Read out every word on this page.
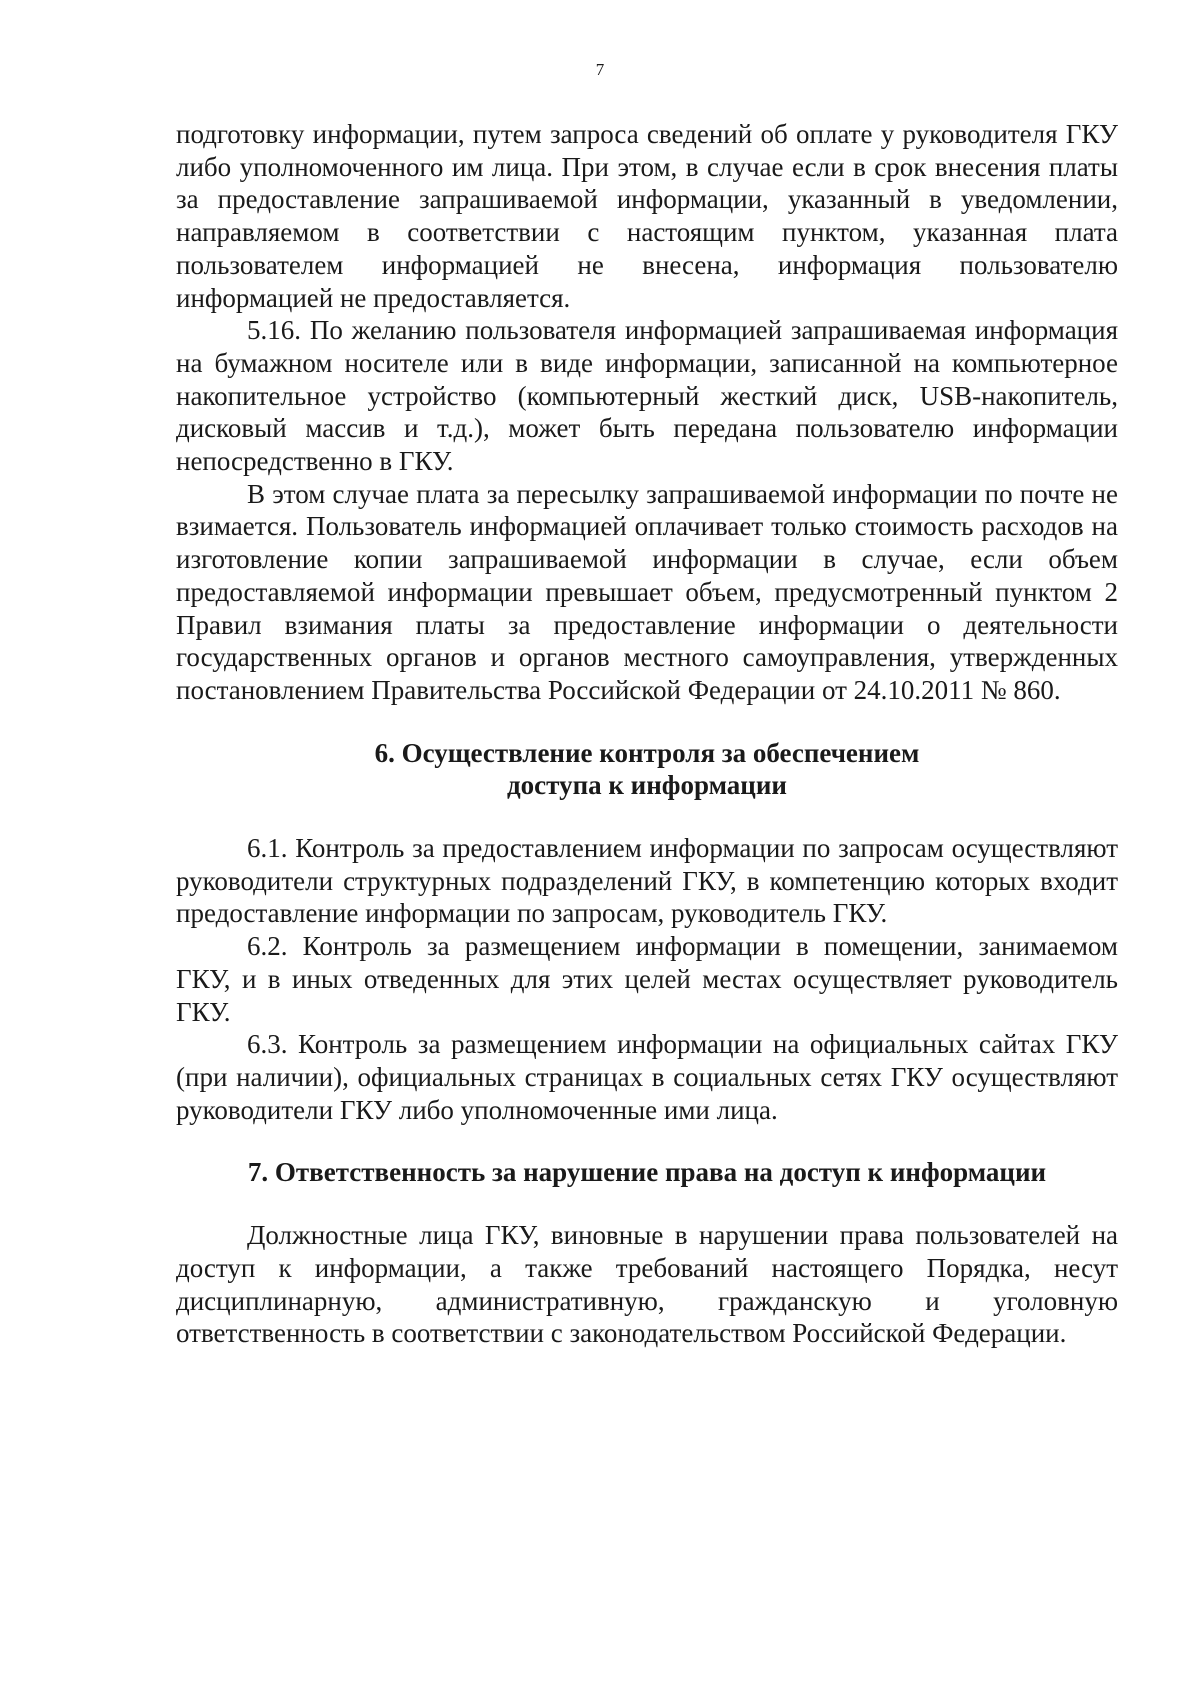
7

подготовку информации, путем запроса сведений об оплате у руководителя ГКУ либо уполномоченного им лица. При этом, в случае если в срок внесения платы за предоставление запрашиваемой информации, указанный в уведомлении, направляемом в соответствии с настоящим пунктом, указанная плата пользователем информацией не внесена, информация пользователю информацией не предоставляется.

5.16. По желанию пользователя информацией запрашиваемая информация на бумажном носителе или в виде информации, записанной на компьютерное накопительное устройство (компьютерный жесткий диск, USB-накопитель, дисковый массив и т.д.), может быть передана пользователю информации непосредственно в ГКУ.

В этом случае плата за пересылку запрашиваемой информации по почте не взимается. Пользователь информацией оплачивает только стоимость расходов на изготовление копии запрашиваемой информации в случае, если объем предоставляемой информации превышает объем, предусмотренный пунктом 2 Правил взимания платы за предоставление информации о деятельности государственных органов и органов местного самоуправления, утвержденных постановлением Правительства Российской Федерации от 24.10.2011 № 860.

6. Осуществление контроля за обеспечением
доступа к информации

6.1. Контроль за предоставлением информации по запросам осуществляют руководители структурных подразделений ГКУ, в компетенцию которых входит предоставление информации по запросам, руководитель ГКУ.

6.2. Контроль за размещением информации в помещении, занимаемом ГКУ, и в иных отведенных для этих целей местах осуществляет руководитель ГКУ.

6.3. Контроль за размещением информации на официальных сайтах ГКУ (при наличии), официальных страницах в социальных сетях ГКУ осуществляют руководители ГКУ либо уполномоченные ими лица.

7. Ответственность за нарушение права на доступ к информации

Должностные лица ГКУ, виновные в нарушении права пользователей на доступ к информации, а также требований настоящего Порядка, несут дисциплинарную, административную, гражданскую и уголовную ответственность в соответствии с законодательством Российской Федерации.
